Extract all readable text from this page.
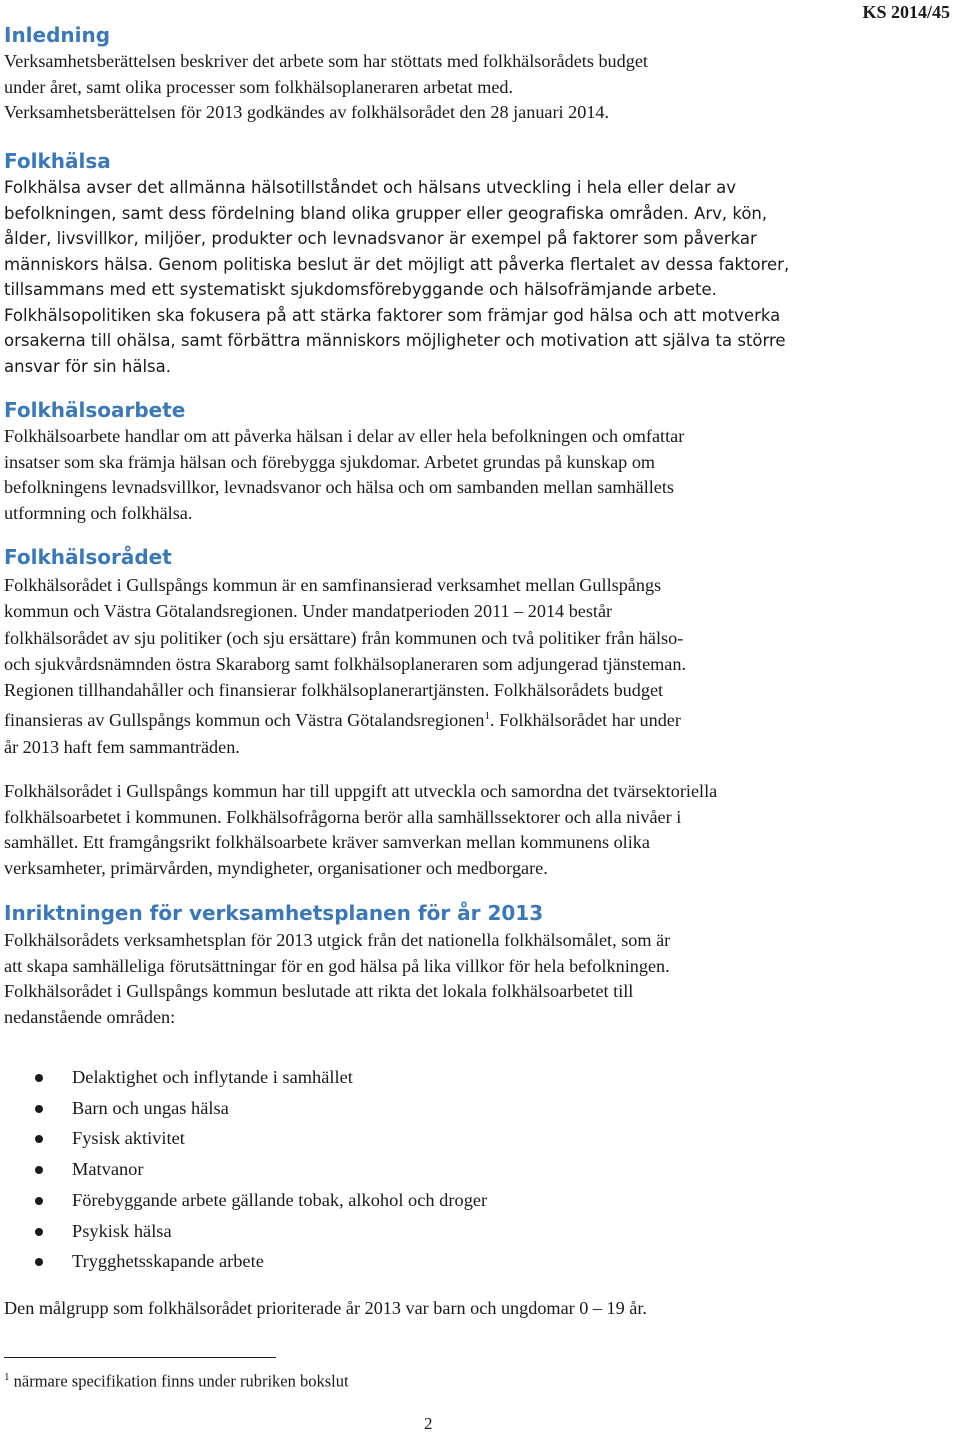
KS 2014/45
Inledning

Verksamhetsberättelsen beskriver det arbete som har stöttats med folkhälsorådets budget
under året, samt olika processer som folkhälsoplaneraren arbetat med.
Verksamhetsberättelsen för 2013 godkändes av folkhälsorådet den 28 januari 2014.

Folkhälsa

Folkhälsa avser det allmänna hälsotillståndet och hälsans utveckling i hela eller delar av
befolkningen, samt dess fördelning bland olika grupper eller geografiska områden. Arv, kön,
ålder, livsvillkor, miljöer, produkter och levnadsvanor är exempel på faktorer som påverkar
människors hälsa. Genom politiska beslut är det möjligt att påverka flertalet av dessa faktorer,
tillsammans med ett systematiskt sjukdomsförebyggande och hälsofrämjande arbete.
Folkhälsopolitiken ska fokusera på att stärka faktorer som främjar god hälsa och att motverka
orsakerna till ohälsa, samt förbättra människors möjligheter och motivation att själva ta större
ansvar för sin hälsa.

Folkhälsoarbete

Folkhälsoarbete handlar om att påverka hälsan i delar av eller hela befolkningen och omfattar
insatser som ska främja hälsan och förebygga sjukdomar. Arbetet grundas på kunskap om
befolkningens levnadsvillkor, levnadsvanor och hälsa och om sambanden mellan samhällets
utformning och folkhälsa.

Folkhälsorådet

Folkhälsorådet i Gullspångs kommun är en samfinansierad verksamhet mellan Gullspångs
kommun och Västra Götalandsregionen. Under mandatperioden 2011 – 2014 består
folkhälsorådet av sju politiker (och sju ersättare) från kommunen och två politiker från hälso-
och sjukvårdsnämnden östra Skaraborg samt folkhälsoplaneraren som adjungerad tjänsteman.
Regionen tillhandahåller och finansierar folkhälsoplanerartjänsten. Folkhälsorådets budget
finansieras av Gullspångs kommun och Västra Götalandsregionen$^1$. Folkhälsorådet har under
år 2013 haft fem sammanträden.

Folkhälsorådet i Gullspångs kommun har till uppgift att utveckla och samordna det tvärsektoriella
folkhälsoarbetet i kommunen. Folkhälsofrågorna berör alla samhällssektorer och alla nivåer i
samhället. Ett framgångsrikt folkhälsoarbete kräver samverkan mellan kommunens olika
verksamheter, primärvården, myndigheter, organisationer och medborgare.

Inriktningen för verksamhetsplanen för år 2013

Folkhälsorådets verksamhetsplan för 2013 utgick från det nationella folkhälsomålet, som är
att skapa samhälleliga förutsättningar för en god hälsa på lika villkor för hela befolkningen.
Folkhälsorådet i Gullspångs kommun beslutade att rikta det lokala folkhälsoarbetet till
nedanstående områden:

Delaktighet och inflytande i samhället
Barn och ungas hälsa
Fysisk aktivitet
Matvanor
Förebyggande arbete gällande tobak, alkohol och droger
Psykisk hälsa
Trygghetsskapande arbete

Den målgrupp som folkhälsorådet prioriterade år 2013 var barn och ungdomar 0 – 19 år.

$^1$ närmare specifikation finns under rubriken bokslut
2
